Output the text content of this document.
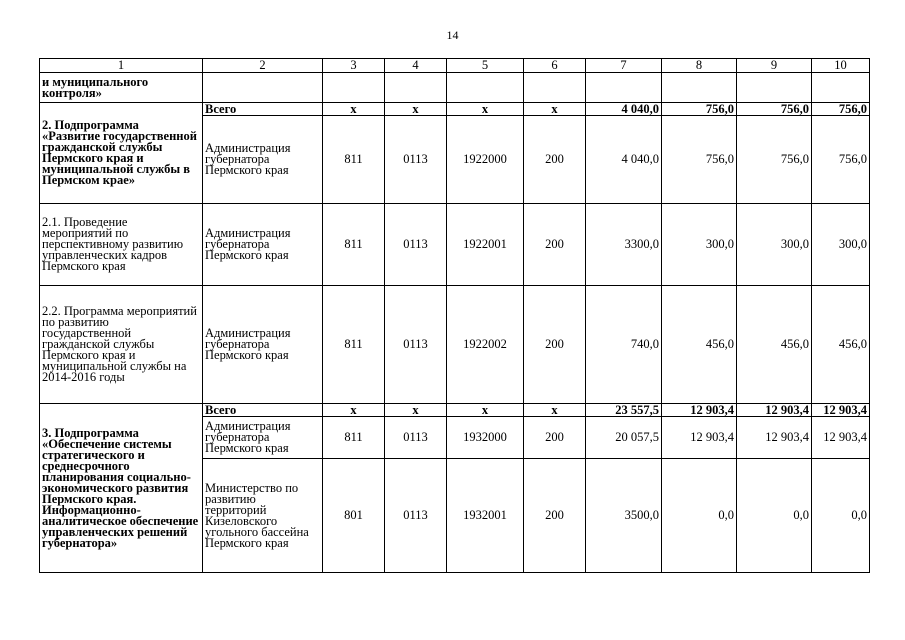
14
1	2	3	4	5	6	7	8	9	10
и муниципального контроля»									
2. Подпрограмма «Развитие государственной гражданской службы Пермского края и муниципальной службы в Пермском крае»	Всего	х	х	х	х	4 040,0	756,0	756,0	756,0
	Администрация губернатора Пермского края	811	0113	1922000	200	4 040,0	756,0	756,0	756,0
2.1. Проведение мероприятий по перспективному развитию управленческих кадров Пермского края	Администрация губернатора Пермского края	811	0113	1922001	200	3300,0	300,0	300,0	300,0
2.2. Программа мероприятий по развитию государственной гражданской службы Пермского края и муниципальной службы на 2014-2016 годы	Администрация губернатора Пермского края	811	0113	1922002	200	740,0	456,0	456,0	456,0
3. Подпрограмма «Обеспечение системы стратегического и среднесрочного планирования социально-экономического развития Пермского края. Информационно-аналитическое обеспечение управленческих решений губернатора»	Всего	х	х	х	х	23 557,5	12 903,4	12 903,4	12 903,4
	Администрация губернатора Пермского края	811	0113	1932000	200	20 057,5	12 903,4	12 903,4	12 903,4
	Министерство по развитию территорий Кизеловского угольного бассейна Пермского края	801	0113	1932001	200	3500,0	0,0	0,0	0,0
